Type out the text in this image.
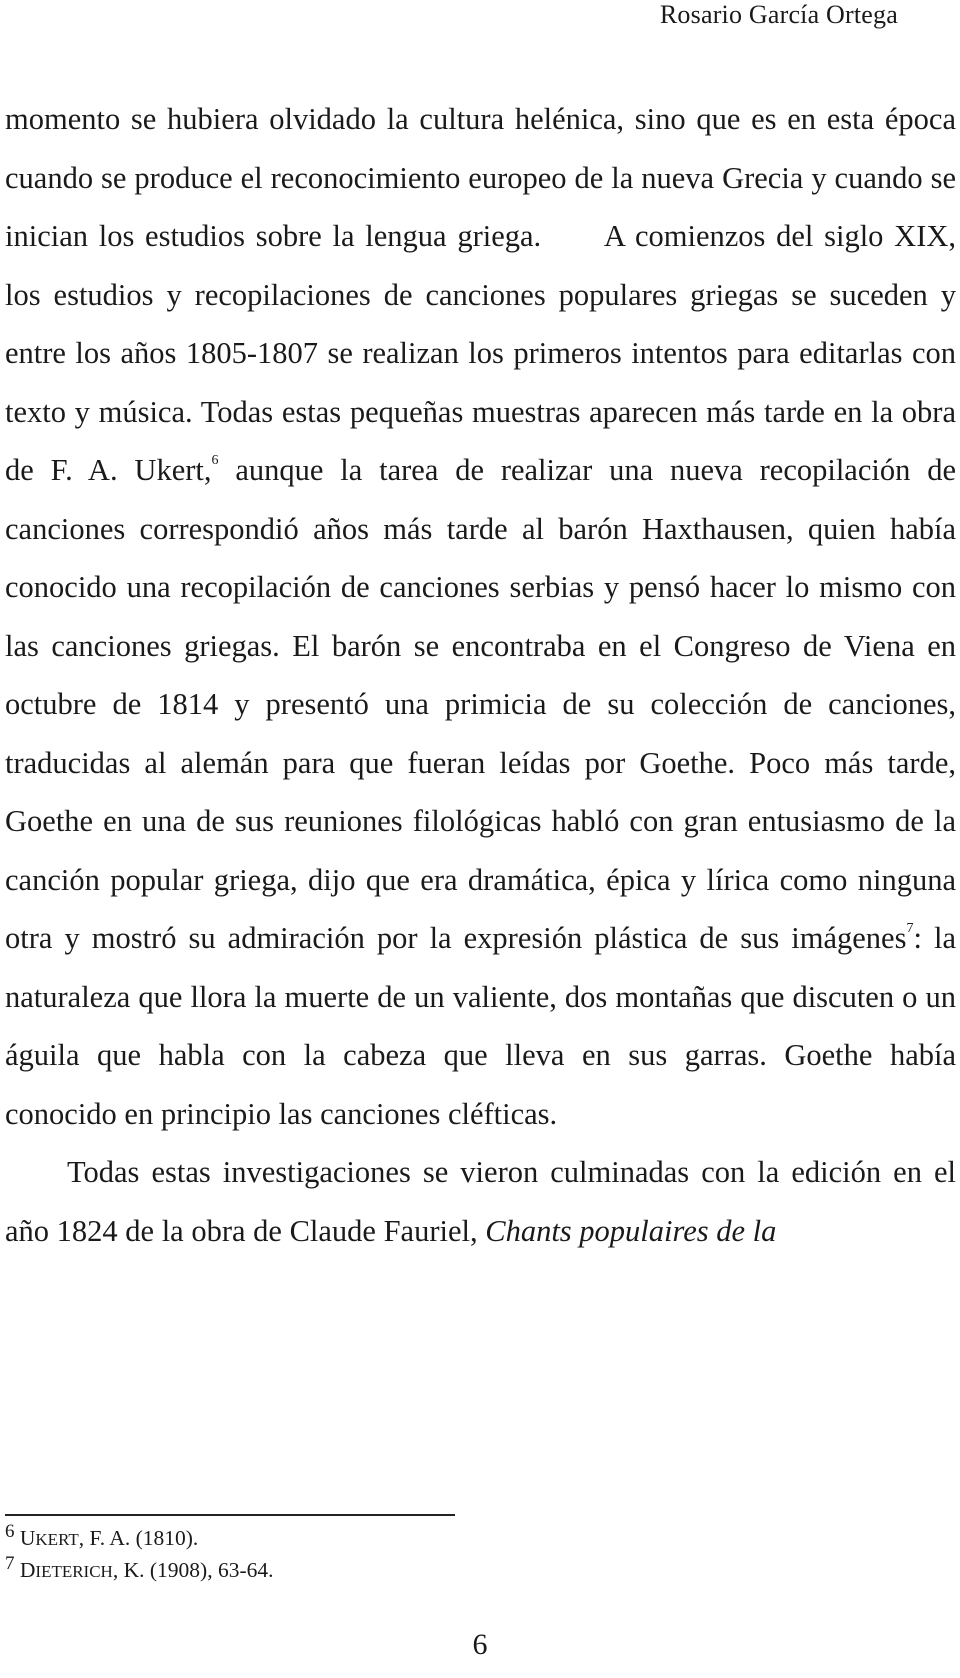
Rosario García Ortega

momento se hubiera olvidado la cultura helénica, sino que es en esta época cuando se produce el reconocimiento europeo de la nueva Grecia y cuando se inician los estudios sobre la lengua griega. A comienzos del siglo XIX, los estudios y recopilaciones de canciones populares griegas se suceden y entre los años 1805-1807 se realizan los primeros intentos para editarlas con texto y música. Todas estas pequeñas muestras aparecen más tarde en la obra de F. A. Ukert,$^6$ aunque la tarea de realizar una nueva recopilación de canciones correspondió años más tarde al barón Haxthausen, quien había conocido una recopilación de canciones serbias y pensó hacer lo mismo con las canciones griegas. El barón se encontraba en el Congreso de Viena en octubre de 1814 y presentó una primicia de su colección de canciones, traducidas al alemán para que fueran leídas por Goethe. Poco más tarde, Goethe en una de sus reuniones filológicas habló con gran entusiasmo de la canción popular griega, dijo que era dramática, épica y lírica como ninguna otra y mostró su admiración por la expresión plástica de sus imágenes$^7$: la naturaleza que llora la muerte de un valiente, dos montañas que discuten o un águila que habla con la cabeza que lleva en sus garras. Goethe había conocido en principio las canciones cléfticas.

Todas estas investigaciones se vieron culminadas con la edición en el año 1824 de la obra de Claude Fauriel, Chants populaires de la

6 UKERT, F. A. (1810).
7 DIETERICH, K. (1908), 63-64.
6
